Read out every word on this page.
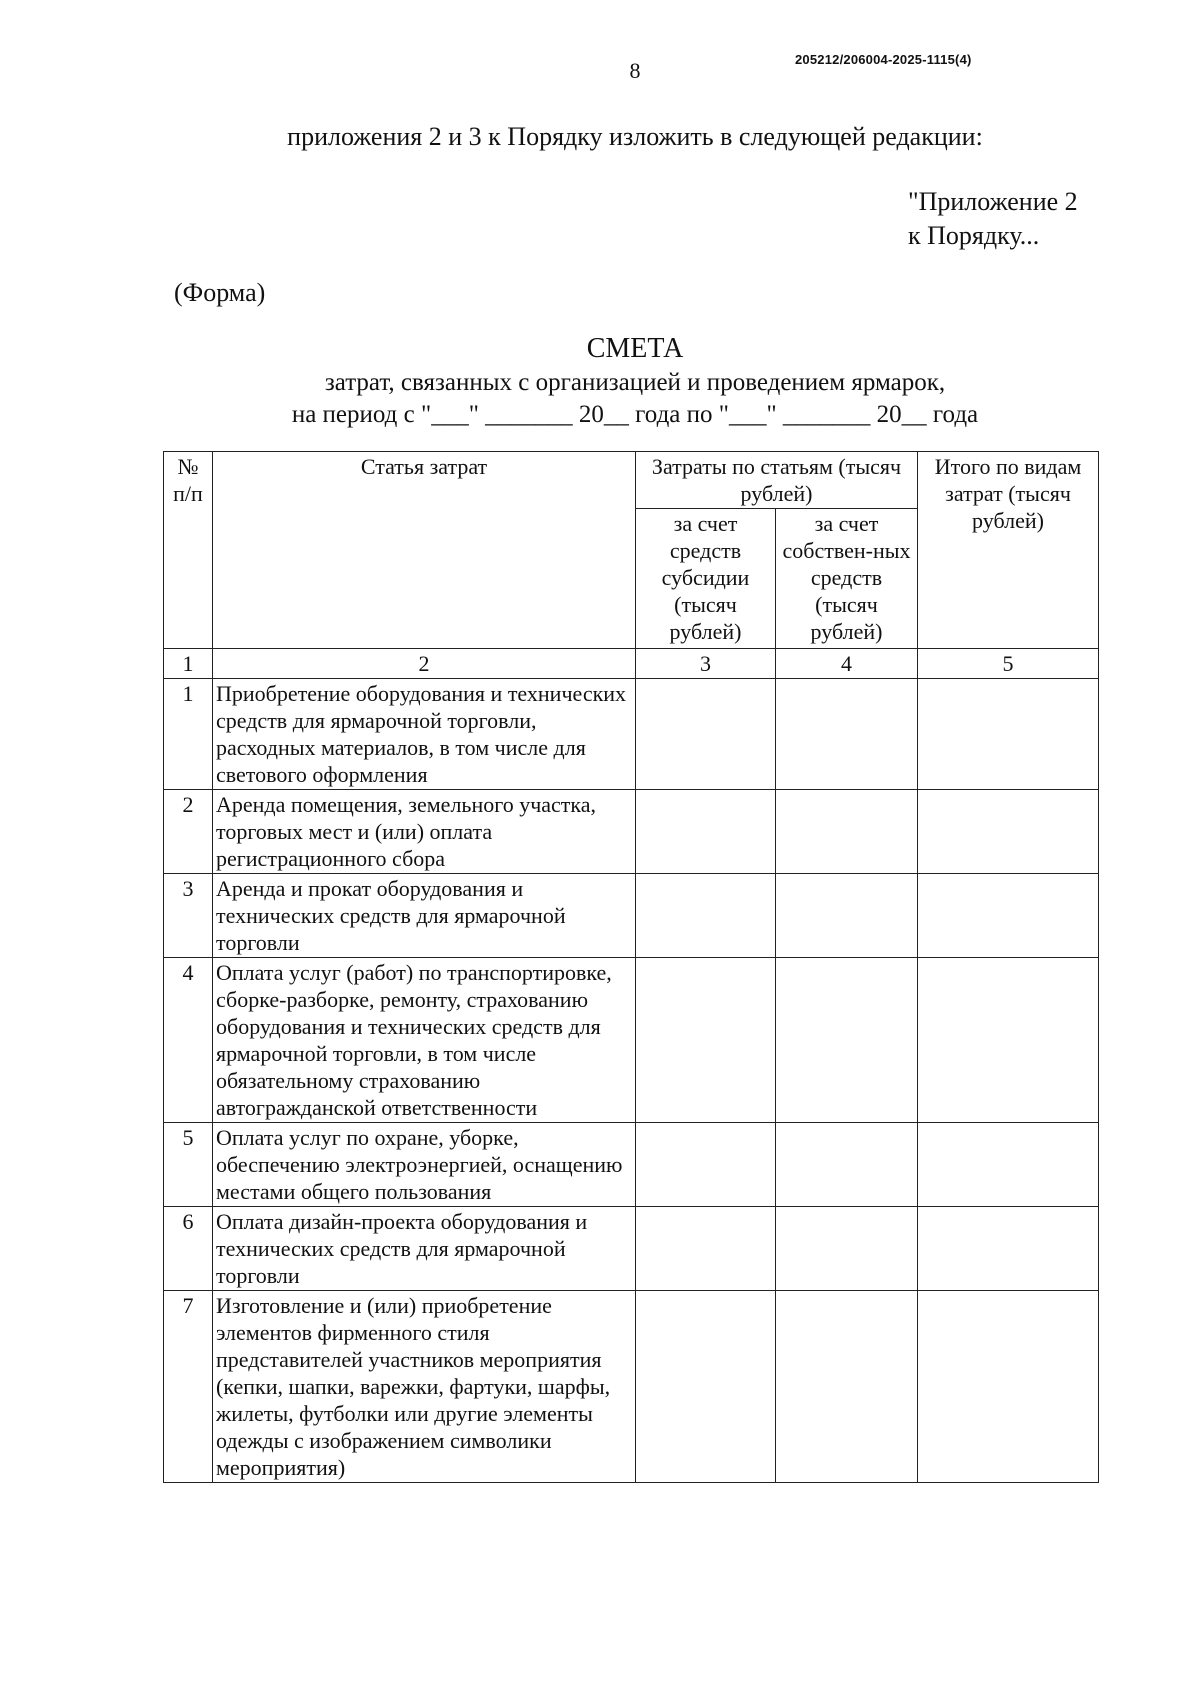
8	205212/206004-2025-1115(4)
приложения 2 и 3 к Порядку изложить в следующей редакции:
"Приложение 2
к Порядку...
(Форма)
СМЕТА
затрат, связанных с организацией и проведением ярмарок,
на период с "___" _______ 20__ года по "___" _______ 20__ года
№ п/п	Статья затрат	Затраты по статьям (тысяч рублей)		Итого по видам затрат (тысяч рублей)
		за счет средств субсидии (тысяч рублей)	за счет собствен-ных средств (тысяч рублей)	
1	2	3	4	5
1	Приобретение оборудования и технических средств для ярмарочной торговли, расходных материалов, в том числе для светового оформления			
2	Аренда помещения, земельного участка, торговых мест и (или) оплата регистрационного сбора			
3	Аренда и прокат оборудования и технических средств для ярмарочной торговли			
4	Оплата услуг (работ) по транспортировке, сборке-разборке, ремонту, страхованию оборудования и технических средств для ярмарочной торговли, в том числе обязательному страхованию автогражданской ответственности			
5	Оплата услуг по охране, уборке, обеспечению электроэнергией, оснащению местами общего пользования			
6	Оплата дизайн-проекта оборудования и технических средств для ярмарочной торговли			
7	Изготовление и (или) приобретение элементов фирменного стиля представителей участников мероприятия (кепки, шапки, варежки, фартуки, шарфы, жилеты, футболки или другие элементы одежды с изображением символики мероприятия)			
